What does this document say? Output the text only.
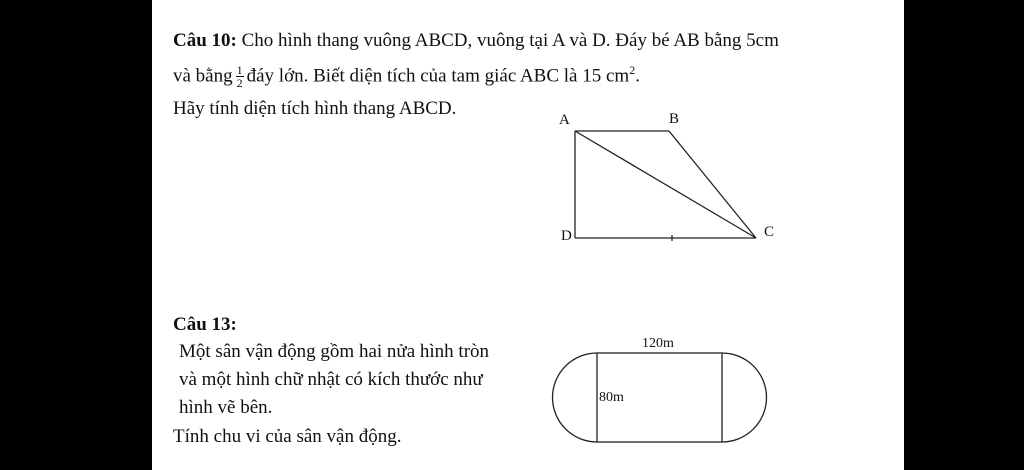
Câu 10: Cho hình thang vuông ABCD, vuông tại A và D. Đáy bé AB bằng 5cm
và bằng $\frac{1}{2}$ đáy lớn. Biết diện tích của tam giác ABC là 15 $cm^2$.
Hãy tính diện tích hình thang ABCD.
A	B
C
D
Câu 13:
Một sân vận động gồm hai nửa hình tròn
và một hình chữ nhật có kích thước như
hình vẽ bên.
Tính chu vi của sân vận động.
120m
80m
